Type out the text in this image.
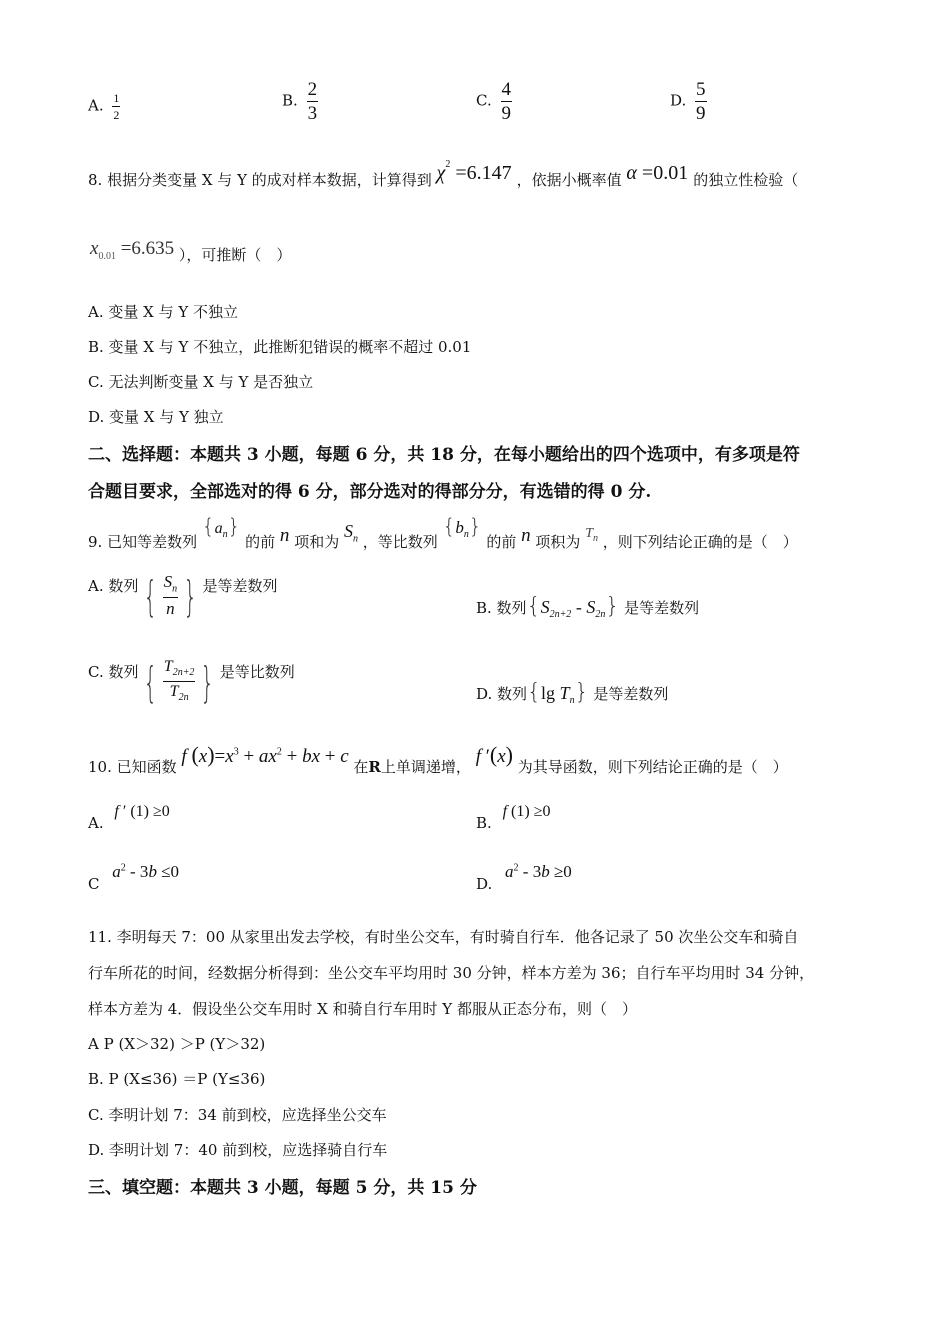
A. $\frac{1}{2}$	B. $\frac{2}{3}$	C. $\frac{4}{9}$	D. $\frac{5}{9}$
8. 根据分类变量 X 与 Y 的成对样本数据，计算得到 $\chi^2 =6.147$ ，依据小概率值 α =0.01 的独立性检验（
$x_{0.01} =6.635$ ），可推断（　）
A. 变量 X 与 Y 不独立
B. 变量 X 与 Y 不独立，此推断犯错误的概率不超过 0.01
C. 无法判断变量 X 与 Y 是否独立
D. 变量 X 与 Y 独立
二、选择题：本题共 3 小题，每题 6 分，共 18 分，在每小题给出的四个选项中，有多项是符
合题目要求，全部选对的得 6 分，部分选对的得部分分，有选错的得 0 分.
9. 已知等差数列 $\{a_n\}$ 的前 n 项和为 $S_n$ ，等比数列 $\{b_n\}$ 的前 n 项积为 $T_n$ ，则下列结论正确的是（　）
A. 数列 { $\frac{S_n}{n}$ } 是等差数列
B. 数列$\{S_{2n+2} - S_{2n}\}$ 是等差数列
C. 数列 { $\frac{T_{2n+2}}{T_{2n}}$ } 是等比数列
D. 数列{lg $T_n$} 是等差数列
10. 已知函数 f $(x)=x^3 + ax^2$ + bx + c 在R上单调递增， f ′(x) 为其导函数，则下列结论正确的是（　）
A. f ′ (1) ≥0
B. f (1) ≥0
C $a^2 - 3b \le 0$
D. $a^2 - 3b \ge 0$
11. 李明每天 7：00 从家里出发去学校，有时坐公交车，有时骑自行车．他各记录了 50 次坐公交车和骑自
行车所花的时间，经数据分析得到：坐公交车平均用时 30 分钟，样本方差为 36；自行车平均用时 34 分钟，
样本方差为 4．假设坐公交车用时 X 和骑自行车用时 Y 都服从正态分布，则（　）
A P (X＞32) ＞P (Y＞32)
B. P (X≤36) ＝P (Y≤36)
C. 李明计划 7：34 前到校，应选择坐公交车
D. 李明计划 7：40 前到校，应选择骑自行车
三、填空题：本题共 3 小题，每题 5 分，共 15 分
